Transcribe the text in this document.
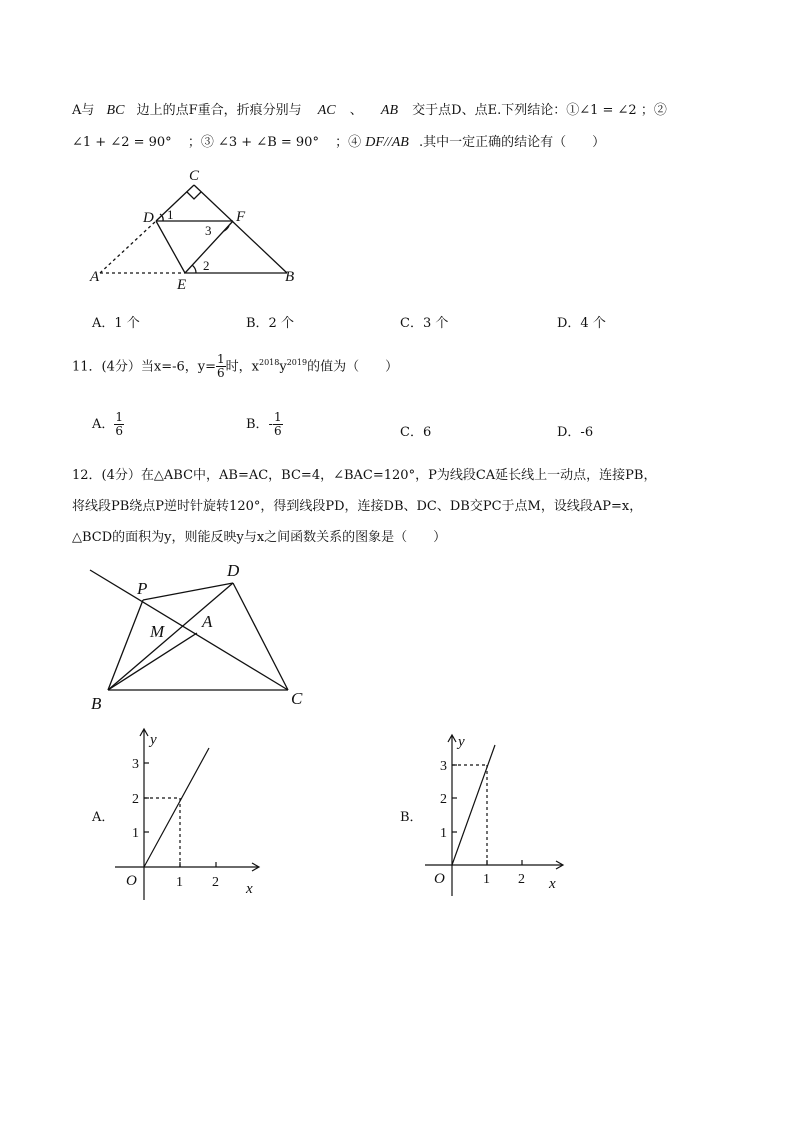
A与 BC 边上的点F重合，折痕分别与 AC 、 AB 交于点D、点E.下列结论：①∠1 = ∠2 ；②
∠1 + ∠2 = 90° ；③ ∠3 + ∠B = 90° ；④ DF//AB .其中一定正确的结论有（　　）
C
D	F
A	E	B
1
2
3
A．1 个	B．2 个	C．3 个	D．4 个
11．(4分）当x=-6，$y= \frac{1}{6}$ 时，$x^{2018}y^{2019}$的值为（　　）
A． $\frac{1}{6}$	B．- $\frac{1}{6}$	C．6	D．-6
12．(4分）在△ABC中，AB=AC，BC=4，∠BAC=120°，P为线段CA延长线上一动点，连接PB，
将线段PB绕点P逆时针旋转120°，得到线段PD，连接DB、DC、DB交PC于点M，设线段AP=x，
△BCD的面积为y，则能反映y与x之间函数关系的图象是（　　）
P
D
M
A
B	C
A．
y
x
O
1
2
3
1 2
B．
y
x
O
1
2
3
1 2
